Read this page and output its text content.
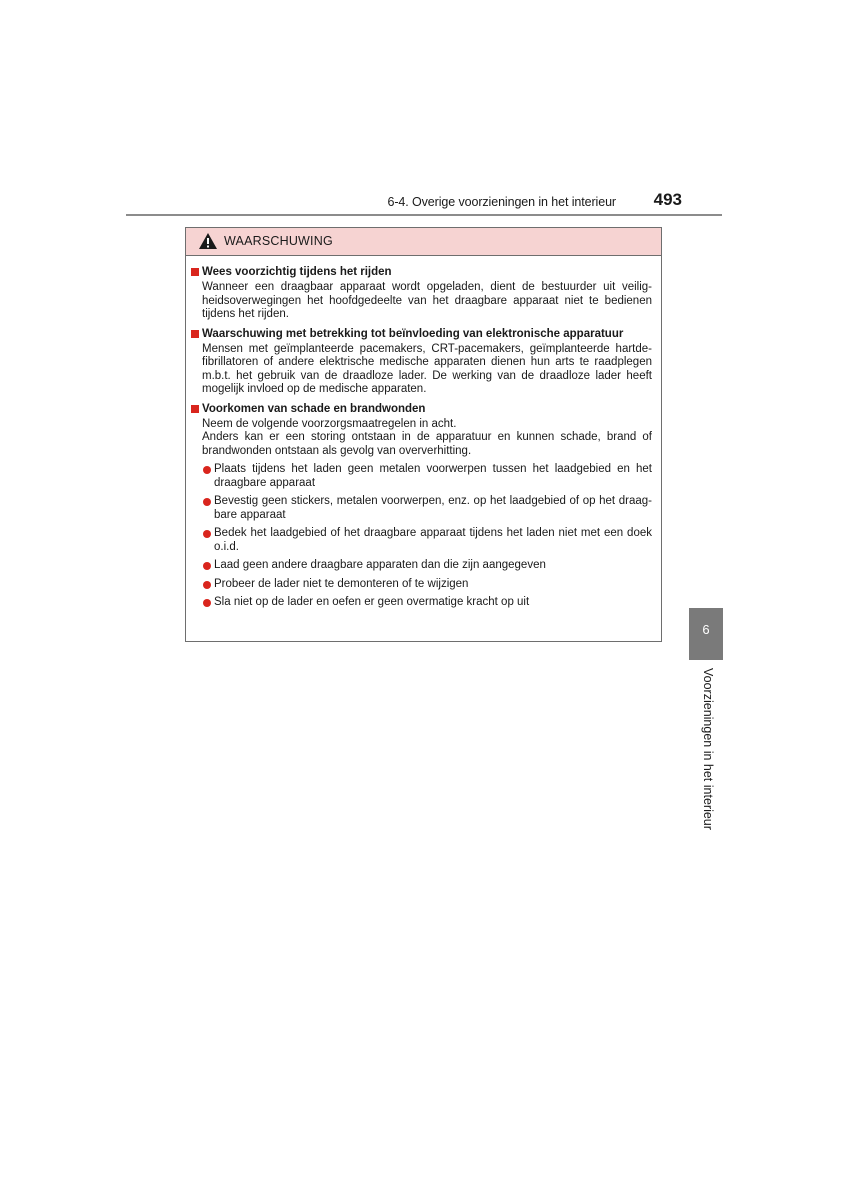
6-4. Overige voorzieningen in het interieur 493
WAARSCHUWING
Wees voorzichtig tijdens het rijden

Wanneer een draagbaar apparaat wordt opgeladen, dient de bestuurder uit veilig-heidsoverwegingen het hoofdgedeelte van het draagbare apparaat niet te bedienen tijdens het rijden.

Waarschuwing met betrekking tot beïnvloeding van elektronische apparatuur

Mensen met geïmplanteerde pacemakers, CRT-pacemakers, geïmplanteerde hartde-fibrillatoren of andere elektrische medische apparaten dienen hun arts te raadplegen m.b.t. het gebruik van de draadloze lader. De werking van de draadloze lader heeft mogelijk invloed op de medische apparaten.

Voorkomen van schade en brandwonden

Neem de volgende voorzorgsmaatregelen in acht.

Anders kan er een storing ontstaan in de apparatuur en kunnen schade, brand of brandwonden ontstaan als gevolg van oververhitting.

Plaats tijdens het laden geen metalen voorwerpen tussen het laadgebied en het draagbare apparaat
Bevestig geen stickers, metalen voorwerpen, enz. op het laadgebied of op het draag-bare apparaat
Bedek het laadgebied of het draagbare apparaat tijdens het laden niet met een doek o.i.d.
Laad geen andere draagbare apparaten dan die zijn aangegeven
Probeer de lader niet te demonteren of te wijzigen
Sla niet op de lader en oefen er geen overmatige kracht op uit
6
Voorzieningen in het interieur
